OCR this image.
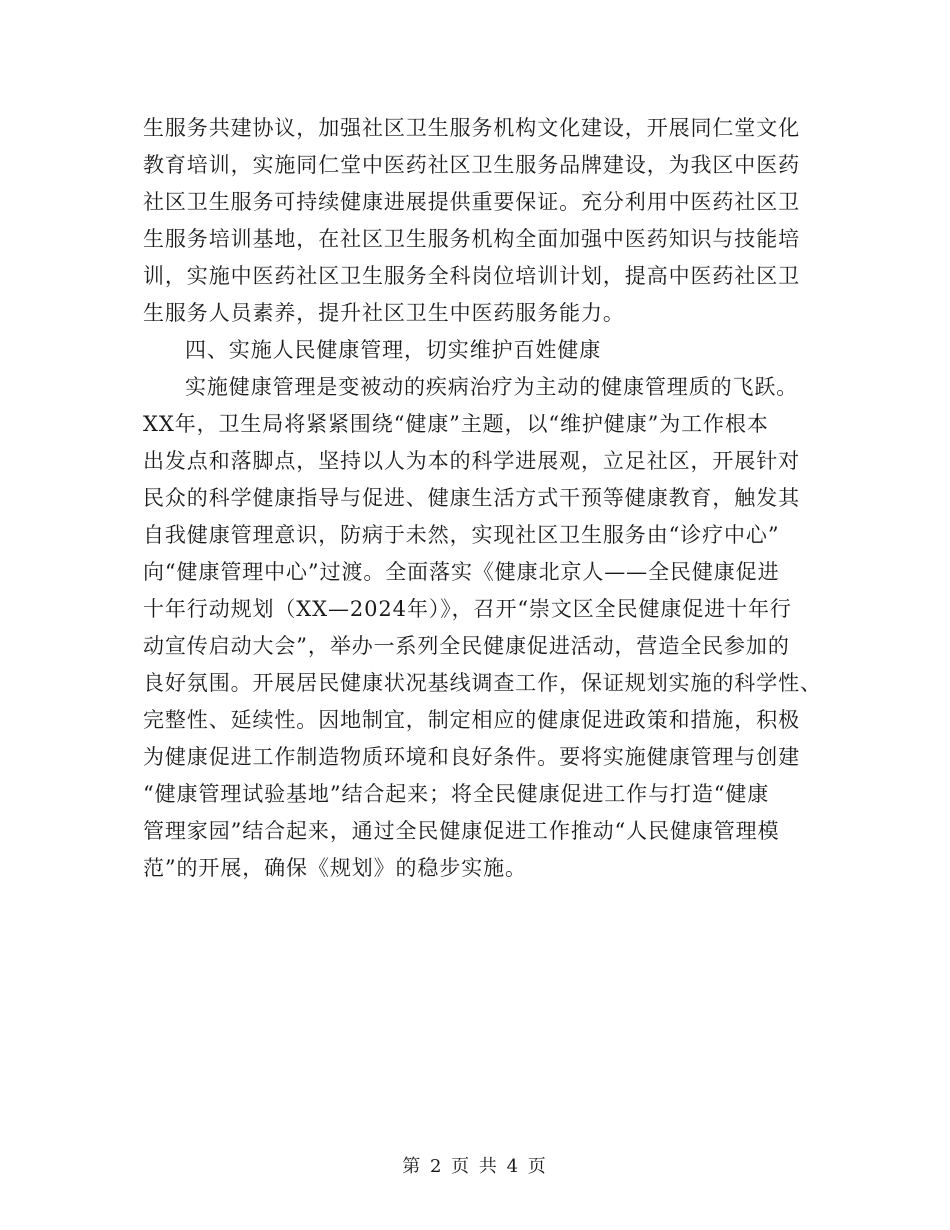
生服务共建协议，加强社区卫生服务机构文化建设，开展同仁堂文化
教育培训，实施同仁堂中医药社区卫生服务品牌建设，为我区中医药
社区卫生服务可持续健康进展提供重要保证。充分利用中医药社区卫
生服务培训基地，在社区卫生服务机构全面加强中医药知识与技能培
训，实施中医药社区卫生服务全科岗位培训计划，提高中医药社区卫
生服务人员素养，提升社区卫生中医药服务能力。
四、实施人民健康管理，切实维护百姓健康
实施健康管理是变被动的疾病治疗为主动的健康管理质的飞跃。
XX年，卫生局将紧紧围绕“健康”主题，以“维护健康”为工作根本
出发点和落脚点，坚持以人为本的科学进展观，立足社区，开展针对
民众的科学健康指导与促进、健康生活方式干预等健康教育，触发其
自我健康管理意识，防病于未然，实现社区卫生服务由“诊疗中心”
向“健康管理中心”过渡。全面落实《健康北京人——全民健康促进
十年行动规划（XX—2024年）》，召开“崇文区全民健康促进十年行
动宣传启动大会”，举办一系列全民健康促进活动，营造全民参加的
良好氛围。开展居民健康状况基线调查工作，保证规划实施的科学性、
完整性、延续性。因地制宜，制定相应的健康促进政策和措施，积极
为健康促进工作制造物质环境和良好条件。要将实施健康管理与创建
“健康管理试验基地”结合起来；将全民健康促进工作与打造“健康
管理家园”结合起来，通过全民健康促进工作推动“人民健康管理模
范”的开展，确保《规划》的稳步实施。
第 2 页 共 4 页
